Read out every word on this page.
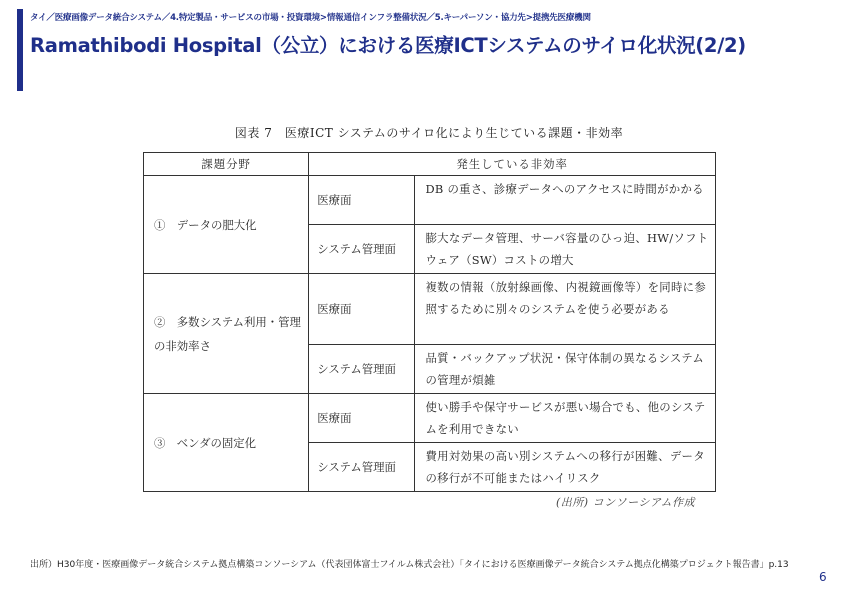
タイ／医療画像データ統合システム／4.特定製品・サービスの市場・投資環境>情報通信インフラ整備状況／5.キーパーソン・協力先>提携先医療機関
Ramathibodi Hospital（公立）における医療ICTシステムのサイロ化状況(2/2)
図表 7　医療ICT システムのサイロ化により生じている課題・非効率
課題分野	発生している非効率	
①　データの肥大化	医療面	DB の重さ、診療データへのアクセスに時間がかかる
	システム管理面	膨大なデータ管理、サーバ容量のひっ迫、HW/ソフトウェア（SW）コストの増大
②　多数システム利用・管理の非効率さ	医療面	複数の情報（放射線画像、内視鏡画像等）を同時に参照するために別々のシステムを使う必要がある
	システム管理面	品質・バックアップ状況・保守体制の異なるシステムの管理が煩雑
③　ベンダの固定化	医療面	使い勝手や保守サービスが悪い場合でも、他のシステムを利用できない
	システム管理面	費用対効果の高い別システムへの移行が困難、データの移行が不可能またはハイリスク
(出所) コンソーシアム作成
出所）H30年度・医療画像データ統合システム拠点構築コンソーシアム（代表団体富士フイルム株式会社）「タイにおける医療画像データ統合システム拠点化構築プロジェクト報告書」p.13
6
